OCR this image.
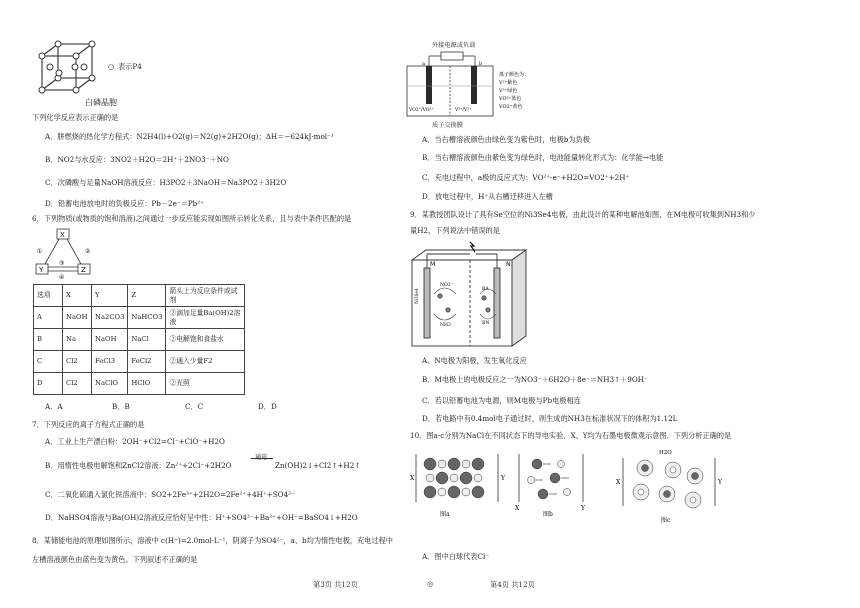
○ 表示P4
白磷晶胞
下列化学反应表示正确的是
A．肼燃烧的热化学方程式：N2H4(l)+O2(g)＝N2(g)+2H2O(g)；ΔH＝−624kJ·mol⁻¹
B．NO2与水反应：3NO2＋H2O＝2H⁺＋2NO3⁻＋NO
C．次磷酸与足量NaOH溶液反应：H3PO2＋3NaOH＝Na3PO2＋3H2O
D．铅蓄电池放电时的负极反应：Pb－2e⁻＝Pb²⁺
6．下列物质(或物质的饱和溶液)之间通过一步反应能实现如图所示转化关系，且与表中条件匹配的是
X
Y	Z
①	②
③
④
选项	X	Y	Z	箭头上为反应条件或试剂
A	NaOH	Na2CO3	NaHCO3	②滴加足量Ba(OH)2溶液
B	Na	NaOH	NaCl	②电解饱和食盐水
C	Cl2	FeCl3	FeCl2	②通入少量F2
D	Cl2	NaClO	HClO	②光照
A．A	B．B	C．C	D．D
7．下列反应的离子方程式正确的是
A．工业上生产漂白粉：2OH⁻+Cl2=Cl⁻+ClO⁻+H2O
B．用惰性电极电解饱和ZnCl2溶液：Zn²⁺+2Cl⁻+2H2O
通电
Zn(OH)2↓+Cl2↑+H2↑
C．二氧化硫通入氯化铁溶液中：SO2+2Fe³⁺+2H2O=2Fe²⁺+4H⁺+SO4²⁻
D．NaHSO4溶液与Ba(OH)2溶液反应恰好呈中性：H⁺+SO4²⁻+Ba²⁺+OH⁻=BaSO4↓+H2O
8．某储能电池的原理如图所示，溶液中 c(H⁺)=2.0mol·L⁻¹，阴离子为SO4²⁻，a、b均为惰性电极，充电过程中
左槽溶液颜色由蓝色变为黄色。下列叙述不正确的是
第3页 共12页	◎	第4页 共12页
外接电源或负载
a	b
VO2⁺/VO²⁺	V³⁺/V²⁺
离子颜色为：
V²⁺紫色
V³⁺绿色
VO²⁺蓝色
VO2⁺黄色
质子交换膜
A．当右槽溶液颜色由绿色变为紫色时，电极b为负极
B．当右槽溶液颜色由紫色变为绿色时，电池能量转化形式为：化学能→电能
C．充电过程中，a极的反应式为：VO²⁺-e⁻+H2O=VO2⁺+2H⁺
D．放电过程中，H⁺从右槽迁移进入左槽
9．某教授团队设计了具有Se空位的Ni3Se4电极，由此设计的某种电解池如图，在M电极可收集到NH3和少
量H2，下列说法中错误的是
M	N
NO3⁻
NH3
BA
BN
Ni3Se4
A．N电极为阳极，发生氧化反应
B．M电极上的电极反应之一为NO3⁻＋6H2O＋8e⁻＝NH3↑＋9OH⁻
C．若以铅蓄电池为电源，则M电极与Pb电极相连
D．若电路中有0.4mol电子通过时，则生成的NH3在标准状况下的体积为1.12L
10．图a-c分别为NaCl在不同状态下的导电实验．X、Y均为石墨电极微观示意图．下列分析正确的是
X	Y
图a
X	Y
图b
H2O
X	Y
图c
A．图中白球代表Cl⁻
